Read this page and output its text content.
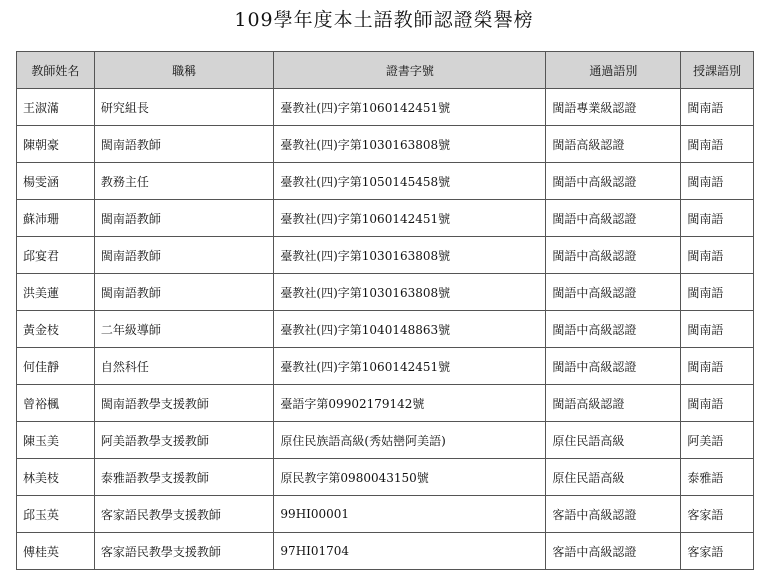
109學年度本土語教師認證榮譽榜
教師姓名	職稱	證書字號	通過語別	授課語別
王淑滿	研究組長	臺教社(四)字第1060142451號	閩語專業級認證	閩南語
陳朝豪	閩南語教師	臺教社(四)字第1030163808號	閩語高級認證	閩南語
楊雯涵	教務主任	臺教社(四)字第1050145458號	閩語中高級認證	閩南語
蘇沛珊	閩南語教師	臺教社(四)字第1060142451號	閩語中高級認證	閩南語
邱宴君	閩南語教師	臺教社(四)字第1030163808號	閩語中高級認證	閩南語
洪美蓮	閩南語教師	臺教社(四)字第1030163808號	閩語中高級認證	閩南語
黃金枝	二年級導師	臺教社(四)字第1040148863號	閩語中高級認證	閩南語
何佳靜	自然科任	臺教社(四)字第1060142451號	閩語中高級認證	閩南語
曾裕楓	閩南語教學支援教師	臺語字第09902179142號	閩語高級認證	閩南語
陳玉美	阿美語教學支援教師	原住民族語高級(秀姑巒阿美語)	原住民語高級	阿美語
林美枝	泰雅語教學支援教師	原民教字第0980043150號	原住民語高級	泰雅語
邱玉英	客家語民教學支援教師	99HI00001	客語中高級認證	客家語
傅桂英	客家語民教學支援教師	97HI01704	客語中高級認證	客家語
